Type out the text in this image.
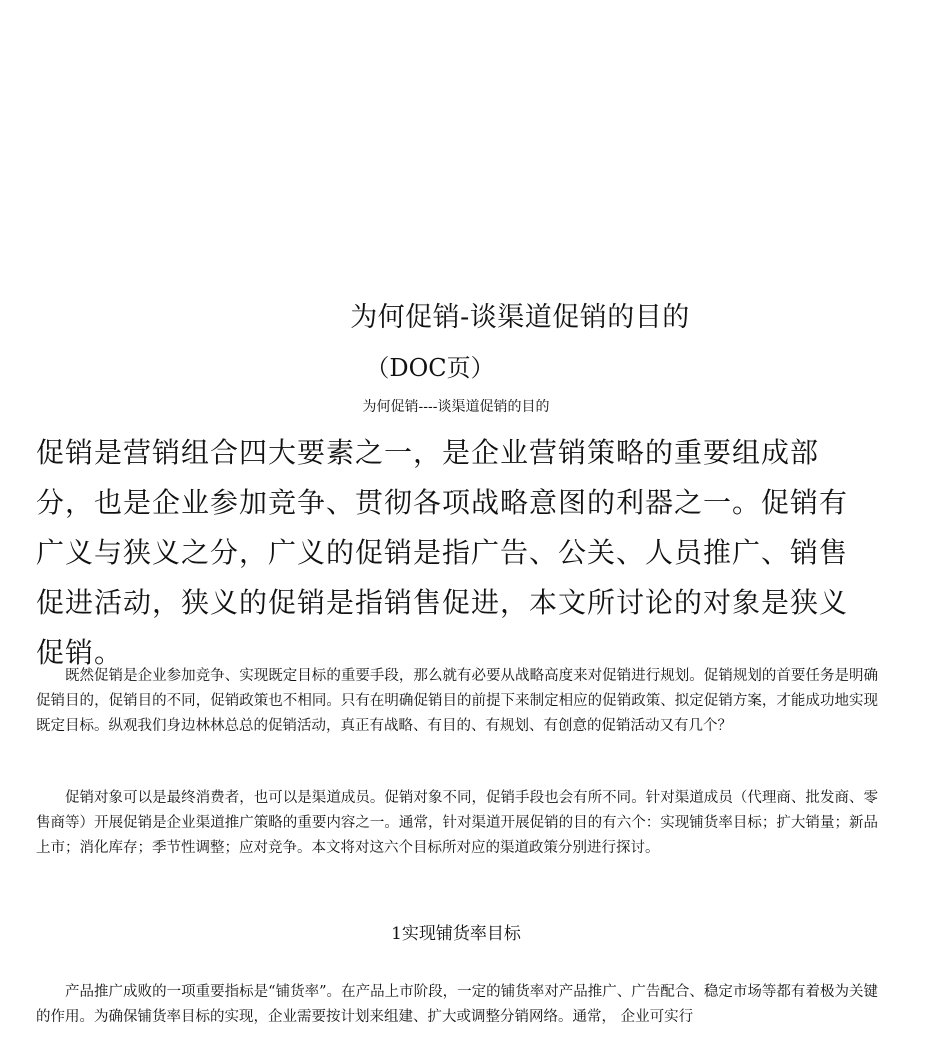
为何促销-谈渠道促销的目的
（DOC页）
为何促销----谈渠道促销的目的

促销是营销组合四大要素之一，是企业营销策略的重要组成部分，也是企业参加竞争、贯彻各项战略意图的利器之一。促销有广义与狭义之分，广义的促销是指广告、公关、人员推广、销售促进活动，狭义的促销是指销售促进，本文所讨论的对象是狭义促销。

既然促销是企业参加竞争、实现既定目标的重要手段，那么就有必要从战略高度来对促销进行规划。促销规划的首要任务是明确促销目的，促销目的不同，促销政策也不相同。只有在明确促销目的前提下来制定相应的促销政策、拟定促销方案，才能成功地实现既定目标。纵观我们身边林林总总的促销活动，真正有战略、有目的、有规划、有创意的促销活动又有几个？

促销对象可以是最终消费者，也可以是渠道成员。促销对象不同，促销手段也会有所不同。针对渠道成员（代理商、批发商、零售商等）开展促销是企业渠道推广策略的重要内容之一。通常，针对渠道开展促销的目的有六个：实现铺货率目标；扩大销量；新品上市；消化库存；季节性调整；应对竞争。本文将对这六个目标所对应的渠道政策分别进行探讨。

1实现铺货率目标

产品推广成败的一项重要指标是“铺货率”。在产品上市阶段，一定的铺货率对产品推广、广告配合、稳定市场等都有着极为关键的作用。为确保铺货率目标的实现，企业需要按计划来组建、扩大或调整分销网络。通常， 企业可实行
